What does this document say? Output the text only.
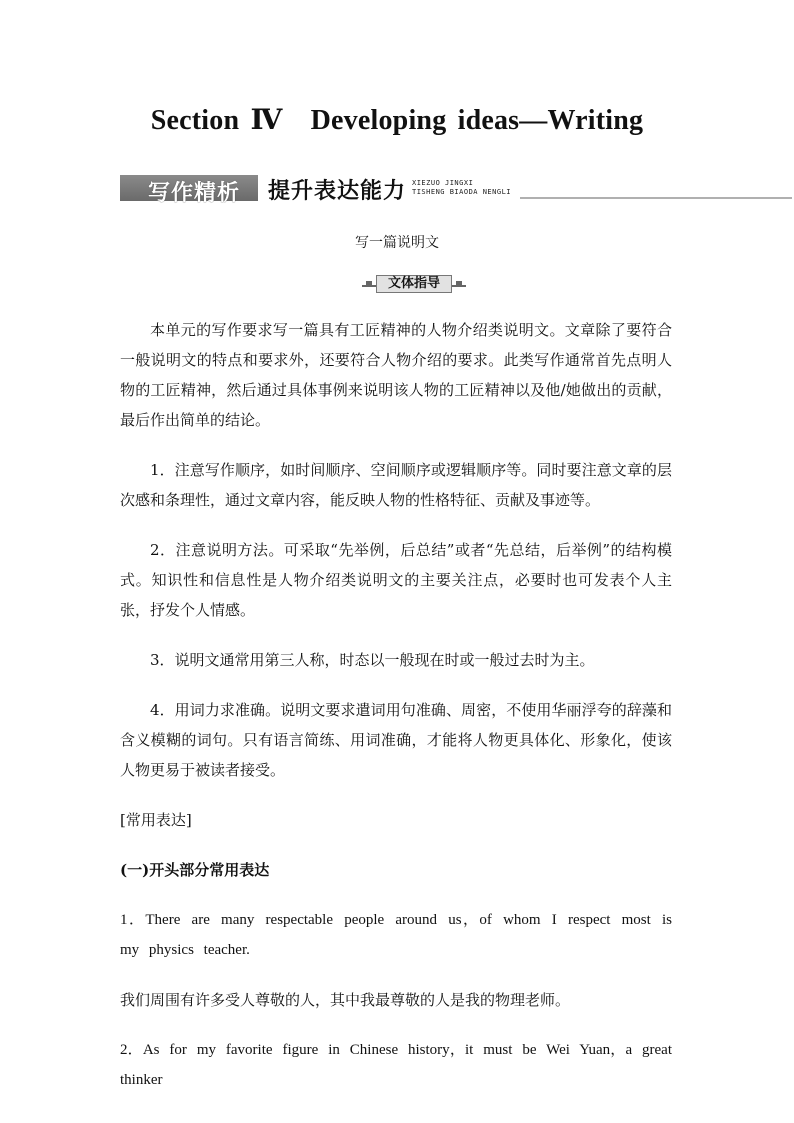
Section Ⅳ　Developing ideas—Writing
写作精析 提升表达能力 XIEZUO JINGXI
TISHENG BIAODA NENGLI
写一篇说明文
文体指导

本单元的写作要求写一篇具有工匠精神的人物介绍类说明文。文章除了要符合一般说明文的特点和要求外，还要符合人物介绍的要求。此类写作通常首先点明人物的工匠精神，然后通过具体事例来说明该人物的工匠精神以及他/她做出的贡献，最后作出简单的结论。

1．注意写作顺序，如时间顺序、空间顺序或逻辑顺序等。同时要注意文章的层次感和条理性，通过文章内容，能反映人物的性格特征、贡献及事迹等。

2．注意说明方法。可采取“先举例，后总结”或者“先总结，后举例”的结构模式。知识性和信息性是人物介绍类说明文的主要关注点，必要时也可发表个人主张，抒发个人情感。

3．说明文通常用第三人称，时态以一般现在时或一般过去时为主。

4．用词力求准确。说明文要求遣词用句准确、周密，不使用华丽浮夸的辞藻和含义模糊的词句。只有语言简练、用词准确，才能将人物更具体化、形象化，使该人物更易于被读者接受。

[常用表达]

(一)开头部分常用表达

1．There are many respectable people around us，of whom I respect most is my physics teacher.

我们周围有许多受人尊敬的人，其中我最尊敬的人是我的物理老师。

2．As for my favorite figure in Chinese history，it must be Wei Yuan，a great thinker
